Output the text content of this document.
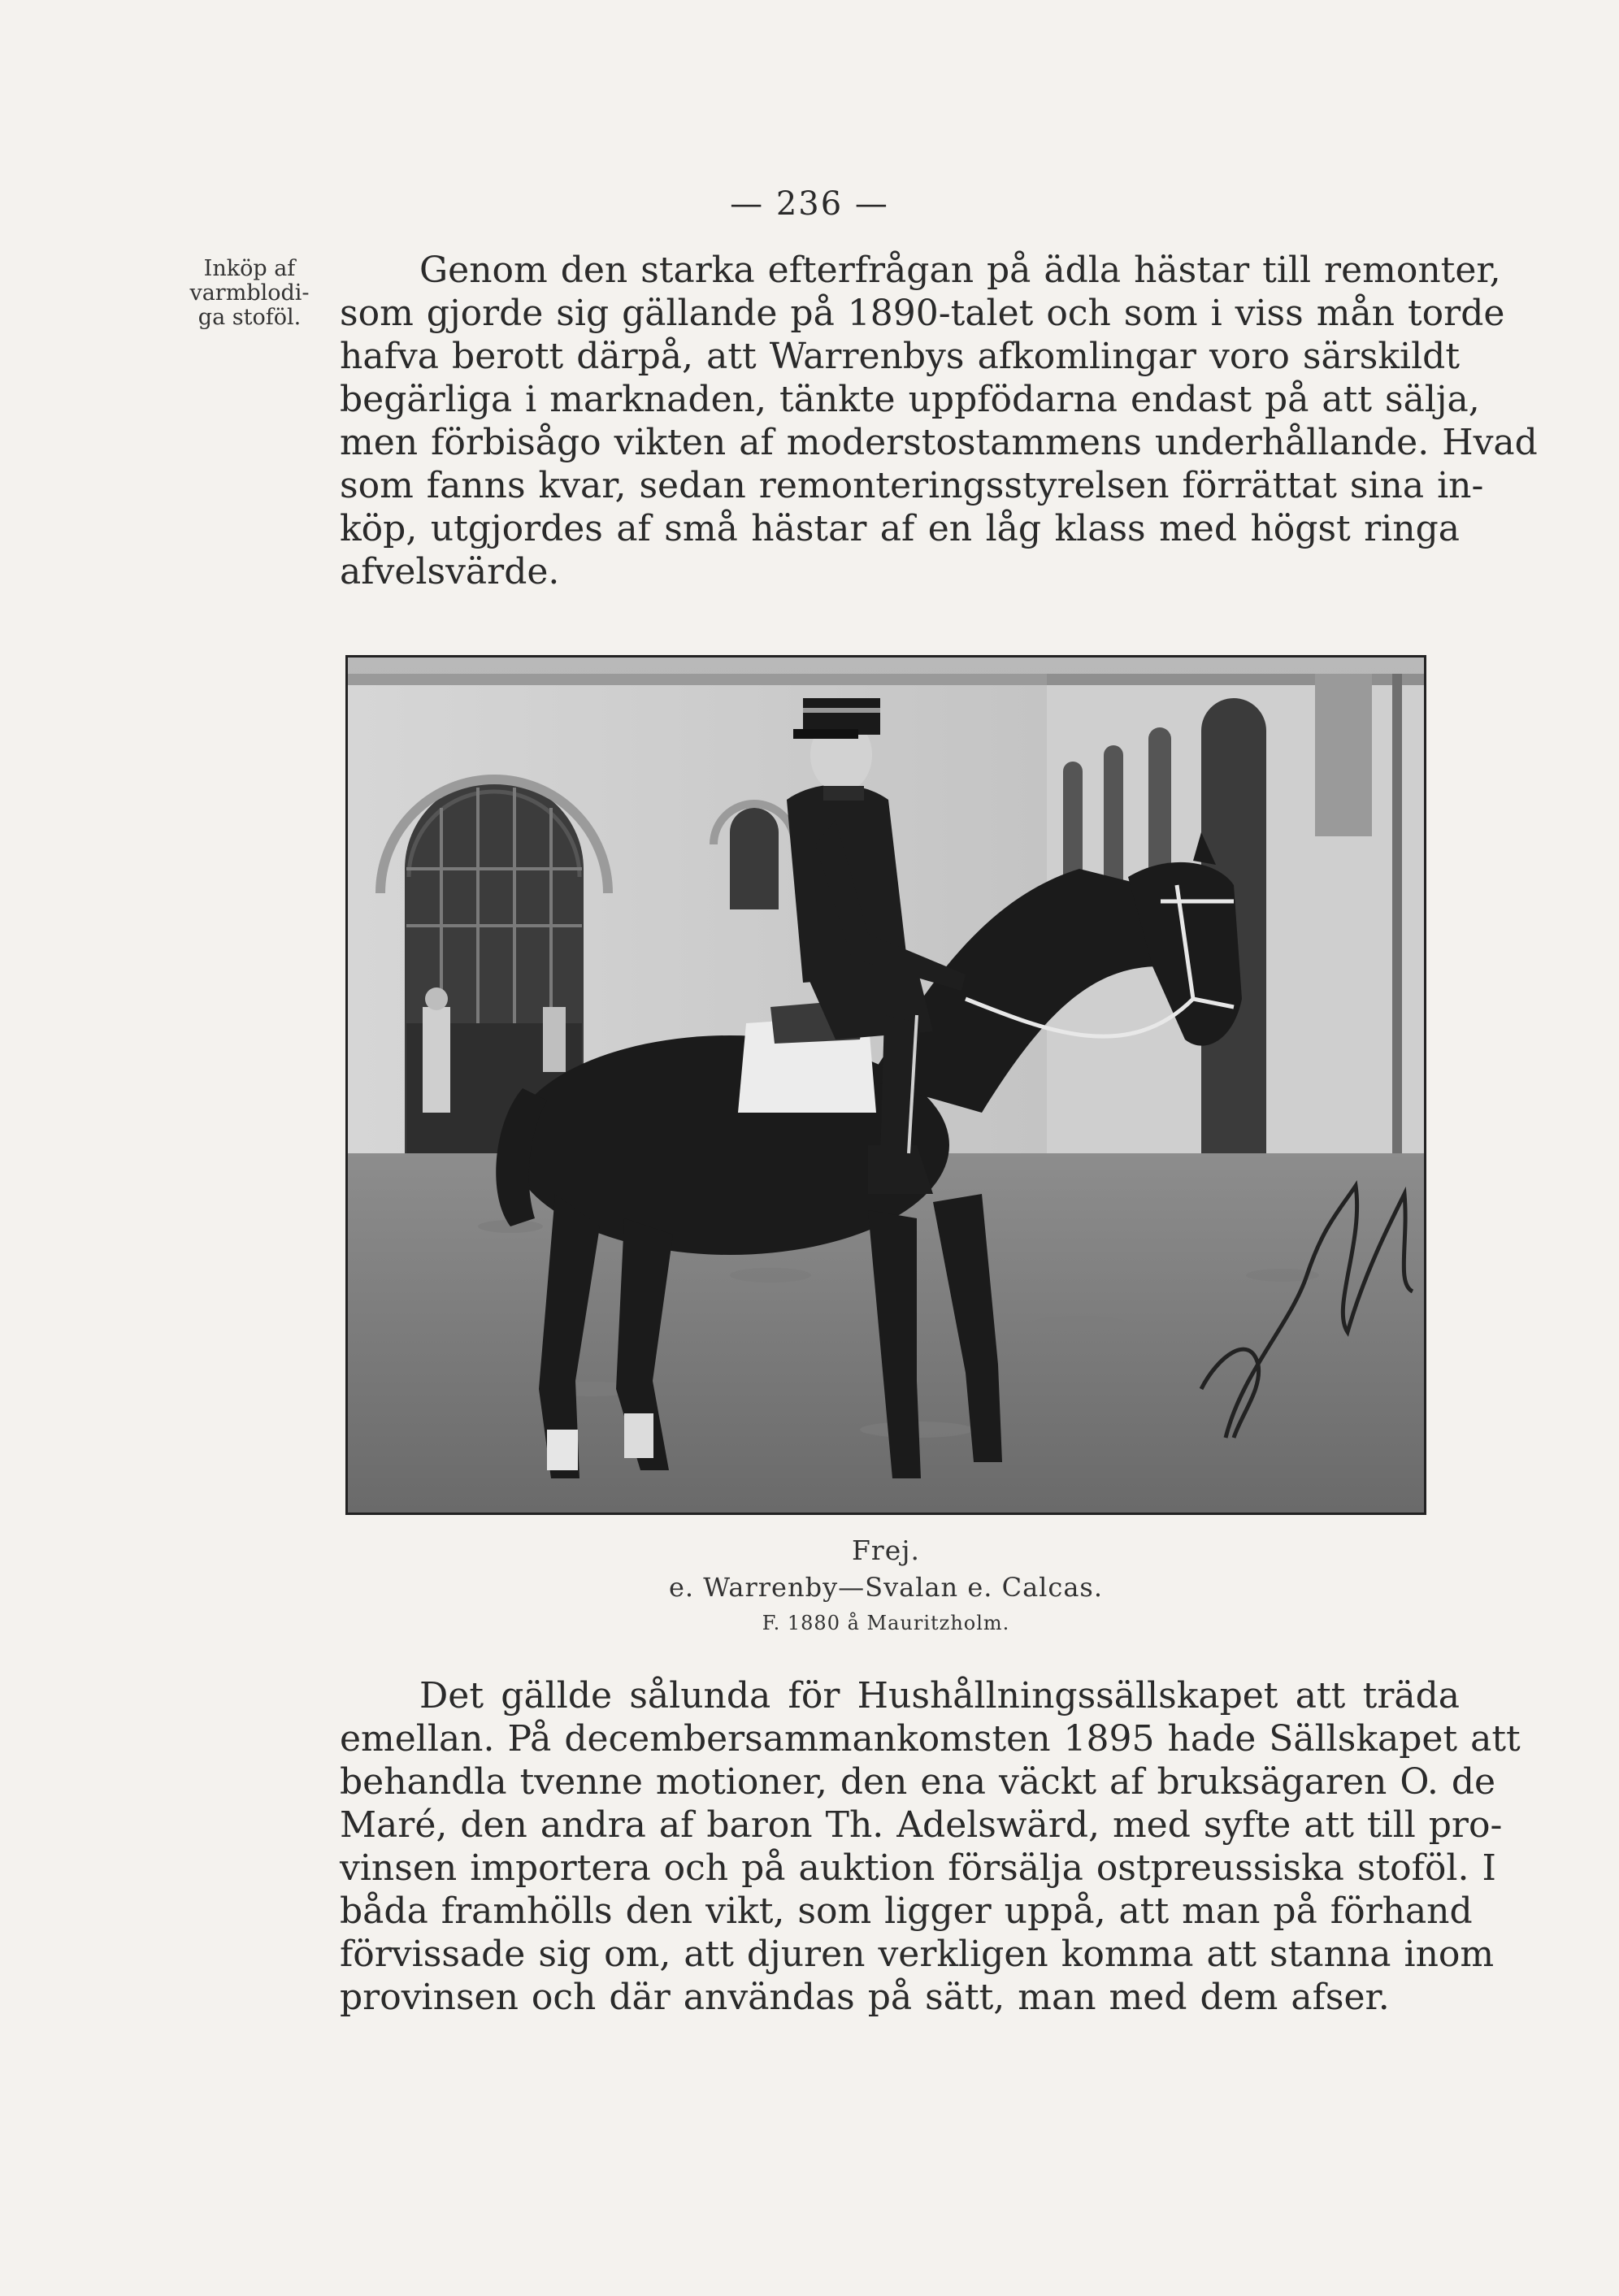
— 236 —
Inköp af
varmblodi-
ga stoföl.
Genom den starka efterfrågan på ädla hästar till remonter,
som gjorde sig gällande på 1890-talet och som i viss mån torde
hafva berott därpå, att Warrenbys afkomlingar voro särskildt
begärliga i marknaden, tänkte uppfödarna endast på att sälja,
men förbisågo vikten af moderstostammens underhållande. Hvad
som fanns kvar, sedan remonteringsstyrelsen förrättat sina in-
köp, utgjordes af små hästar af en låg klass med högst ringa
afvelsvärde.
Frej.
e. Warrenby—Svalan e. Calcas.
F. 1880 å Mauritzholm.
Det gällde sålunda för Hushållningssällskapet att träda
emellan. På decembersammankomsten 1895 hade Sällskapet att
behandla tvenne motioner, den ena väckt af bruksägaren O. de
Maré, den andra af baron Th. Adelswärd, med syfte att till pro-
vinsen importera och på auktion försälja ostpreussiska stoföl. I
båda framhölls den vikt, som ligger uppå, att man på förhand
förvissade sig om, att djuren verkligen komma att stanna inom
provinsen och där användas på sätt, man med dem afser.
